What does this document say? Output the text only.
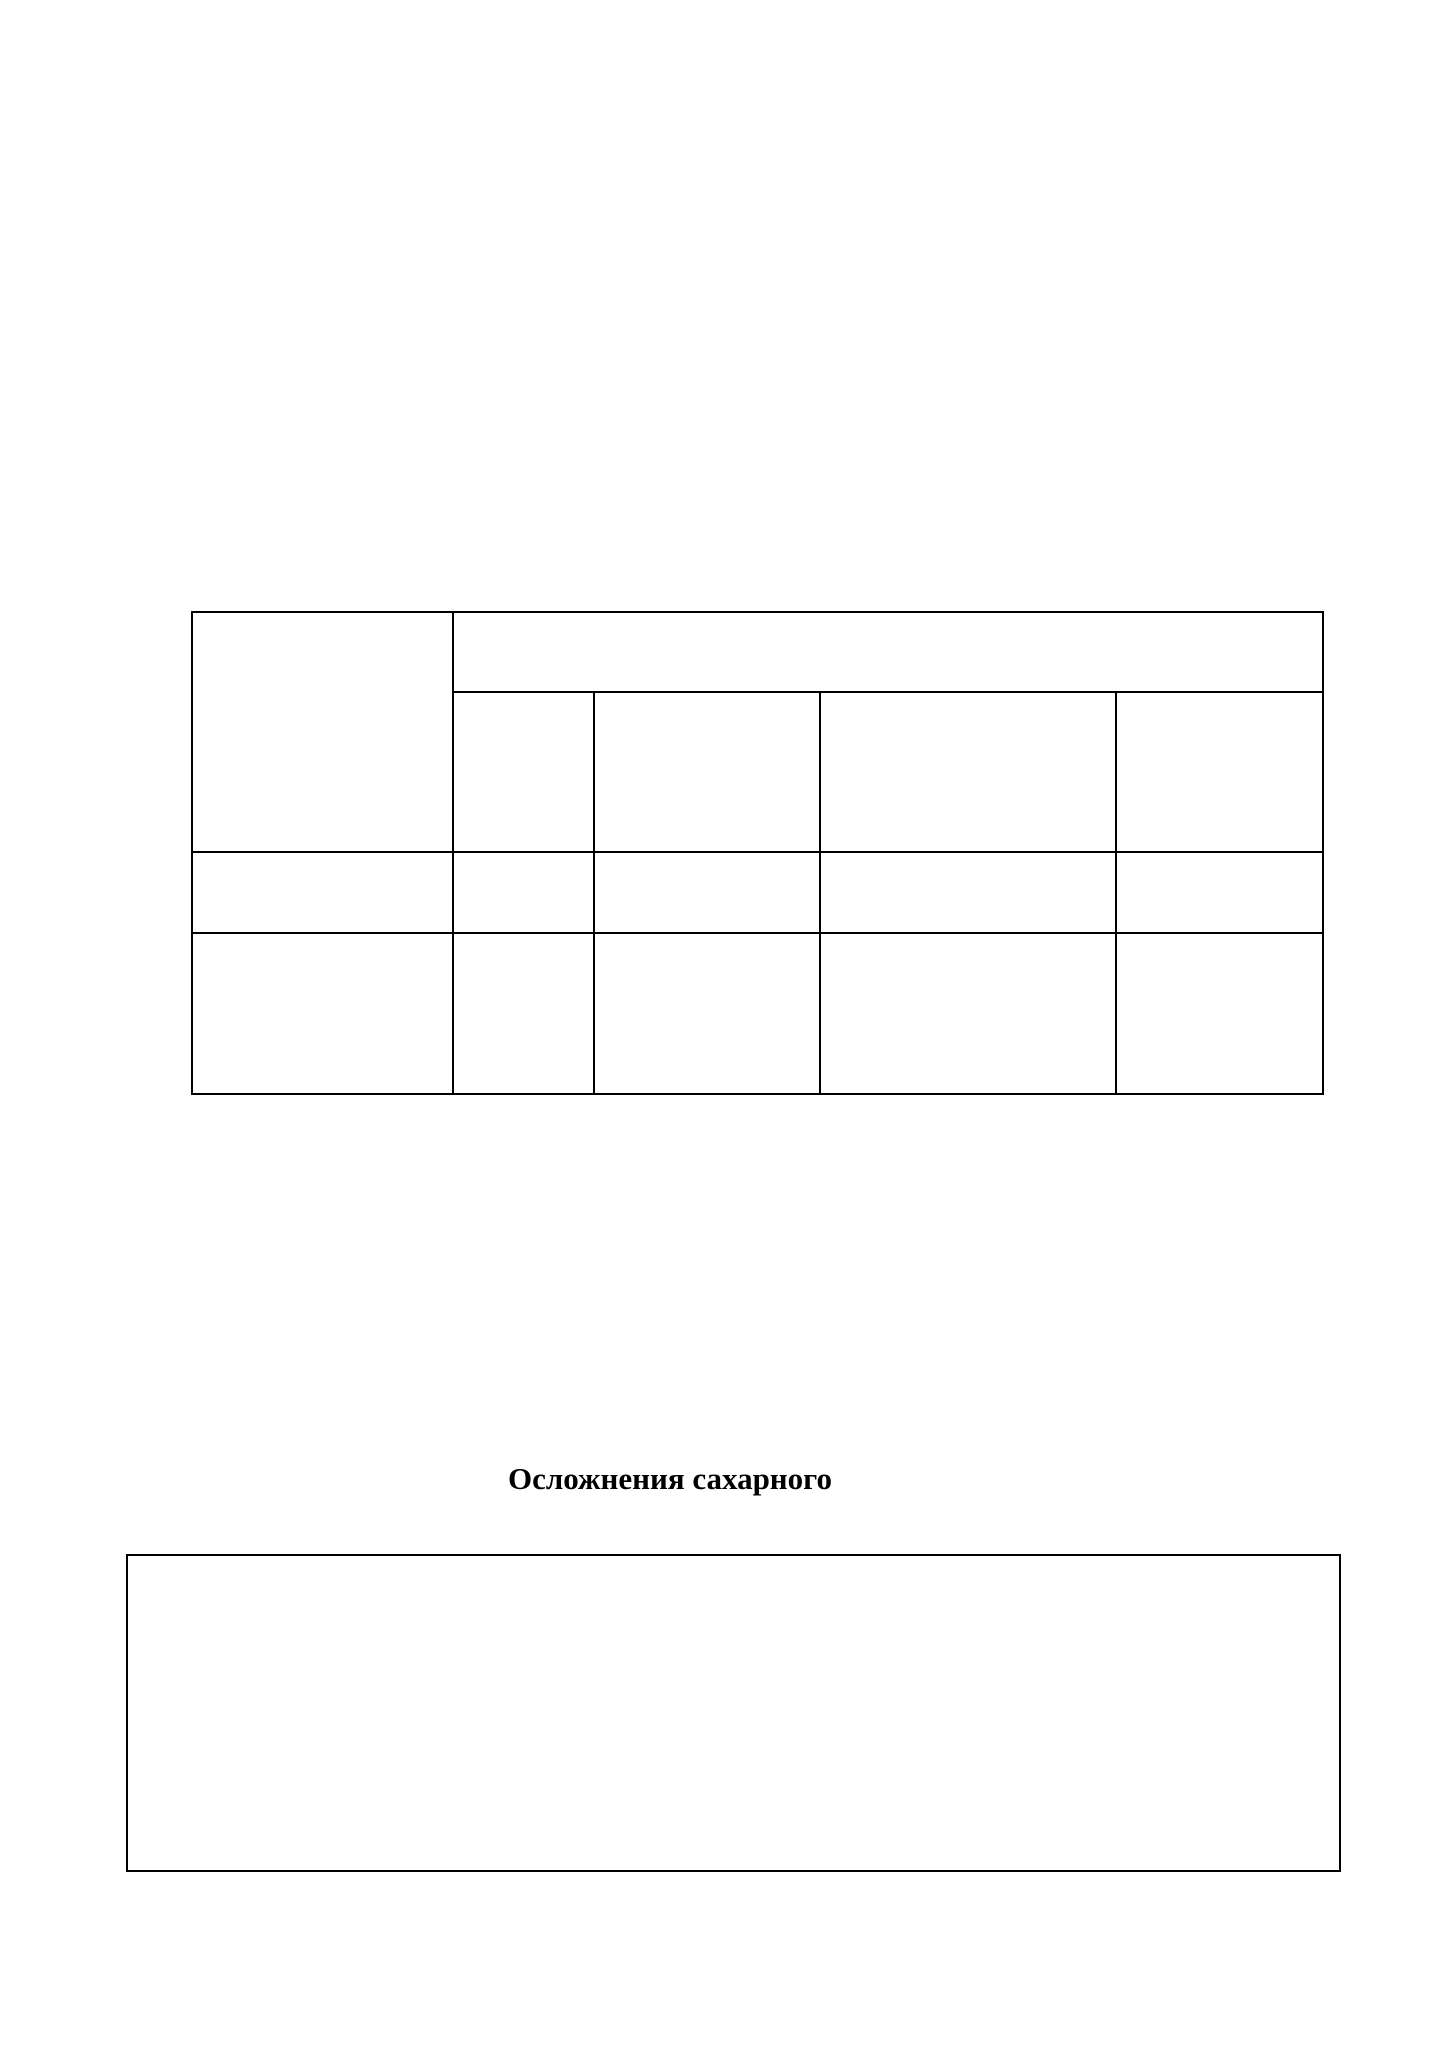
Осложнения сахарного
